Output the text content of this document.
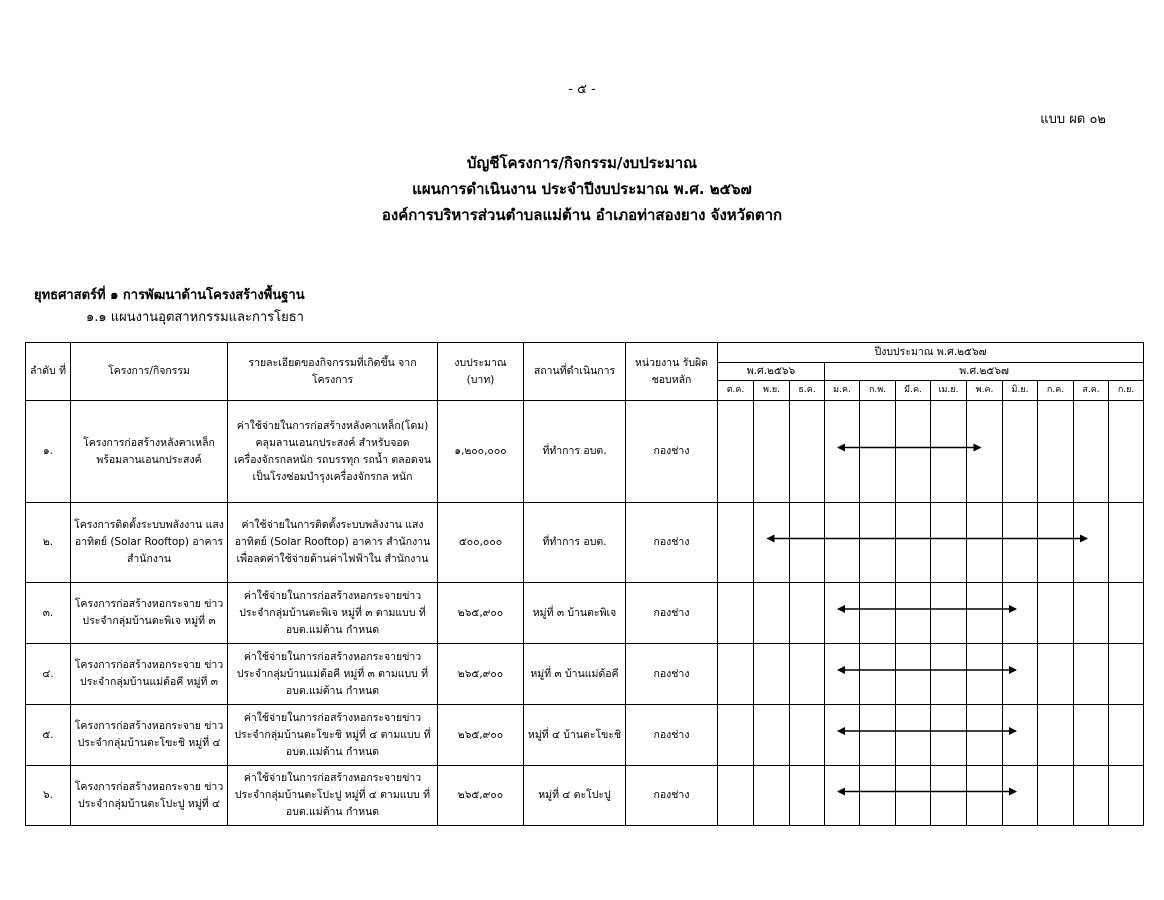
- ๕ -
แบบ ผด ๐๒
บัญชีโครงการ/กิจกรรม/งบประมาณ
แผนการดำเนินงาน ประจำปีงบประมาณ พ.ศ. ๒๕๖๗
องค์การบริหารส่วนตำบลแม่ต้าน อำเภอท่าสองยาง จังหวัดตาก
ยุทธศาสตร์ที่ ๑ การพัฒนาด้านโครงสร้างพื้นฐาน
๑.๑ แผนงานอุตสาหกรรมและการโยธา
ลำดับ ที่	โครงการ/กิจกรรม	รายละเอียดของกิจกรรมที่เกิดขึ้น จากโครงการ	งบประมาณ (บาท)	สถานที่ดำเนินการ	หน่วยงาน รับผิดชอบหลัก	ปีงบประมาณ พ.ศ.๒๕๖๗											
						พ.ศ.๒๕๖๖			พ.ศ.๒๕๖๗								
						ต.ค.	พ.ย.	ธ.ค.	ม.ค.	ก.พ.	มี.ค.	เม.ย.	พ.ค.	มิ.ย.	ก.ค.	ส.ค.	ก.ย.
๑.	โครงการก่อสร้างหลังคาเหล็ก พร้อมลานเอนกประสงค์	ค่าใช้จ่ายในการก่อสร้างหลังคาเหล็ก(โดม) คลุมลานเอนกประสงค์ สำหรับจอด เครื่องจักรกลหนัก รถบรรทุก รถน้ำ ตลอดจนเป็นโรงซ่อมบำรุงเครื่องจักรกล หนัก	๑,๒๐๐,๐๐๐	ที่ทำการ อบต.	กองช่าง												
๒.	โครงการติดตั้งระบบพลังงาน แสงอาทิตย์ (Solar Rooftop) อาคารสำนักงาน	ค่าใช้จ่ายในการติดตั้งระบบพลังงาน แสงอาทิตย์ (Solar Rooftop) อาคาร สำนักงาน เพื่อลดค่าใช้จ่ายด้านค่าไฟฟ้าใน สำนักงาน	๕๐๐,๐๐๐	ที่ทำการ อบต.	กองช่าง												
๓.	โครงการก่อสร้างหอกระจาย ข่าวประจำกลุ่มบ้านตะพิเจ หมู่ที่ ๓	ค่าใช้จ่ายในการก่อสร้างหอกระจายข่าว ประจำกลุ่มบ้านตะพิเจ หมู่ที่ ๓ ตามแบบ ที่ อบต.แม่ต้าน กำหนด	๒๖๕,๙๐๐	หมู่ที่ ๓ บ้านตะพิเจ	กองช่าง												
๔.	โครงการก่อสร้างหอกระจาย ข่าวประจำกลุ่มบ้านแม่ต้อคี หมู่ที่ ๓	ค่าใช้จ่ายในการก่อสร้างหอกระจายข่าว ประจำกลุ่มบ้านแม่ต้อคี หมู่ที่ ๓ ตามแบบ ที่ อบต.แม่ต้าน กำหนด	๒๖๕,๙๐๐	หมู่ที่ ๓ บ้านแม่ต้อคี	กองช่าง												
๕.	โครงการก่อสร้างหอกระจาย ข่าวประจำกลุ่มบ้านตะโขะชิ หมู่ที่ ๔	ค่าใช้จ่ายในการก่อสร้างหอกระจายข่าว ประจำกลุ่มบ้านตะโขะชิ หมู่ที่ ๔ ตามแบบ ที่ อบต.แม่ต้าน กำหนด	๒๖๕,๙๐๐	หมู่ที่ ๔ บ้านตะโขะชิ	กองช่าง												
๖.	โครงการก่อสร้างหอกระจาย ข่าวประจำกลุ่มบ้านตะโปะปู หมู่ที่ ๔	ค่าใช้จ่ายในการก่อสร้างหอกระจายข่าว ประจำกลุ่มบ้านตะโปะปู หมู่ที่ ๔ ตามแบบ ที่ อบต.แม่ต้าน กำหนด	๒๖๕,๙๐๐	หมู่ที่ ๔ ตะโปะปู	กองช่าง												
